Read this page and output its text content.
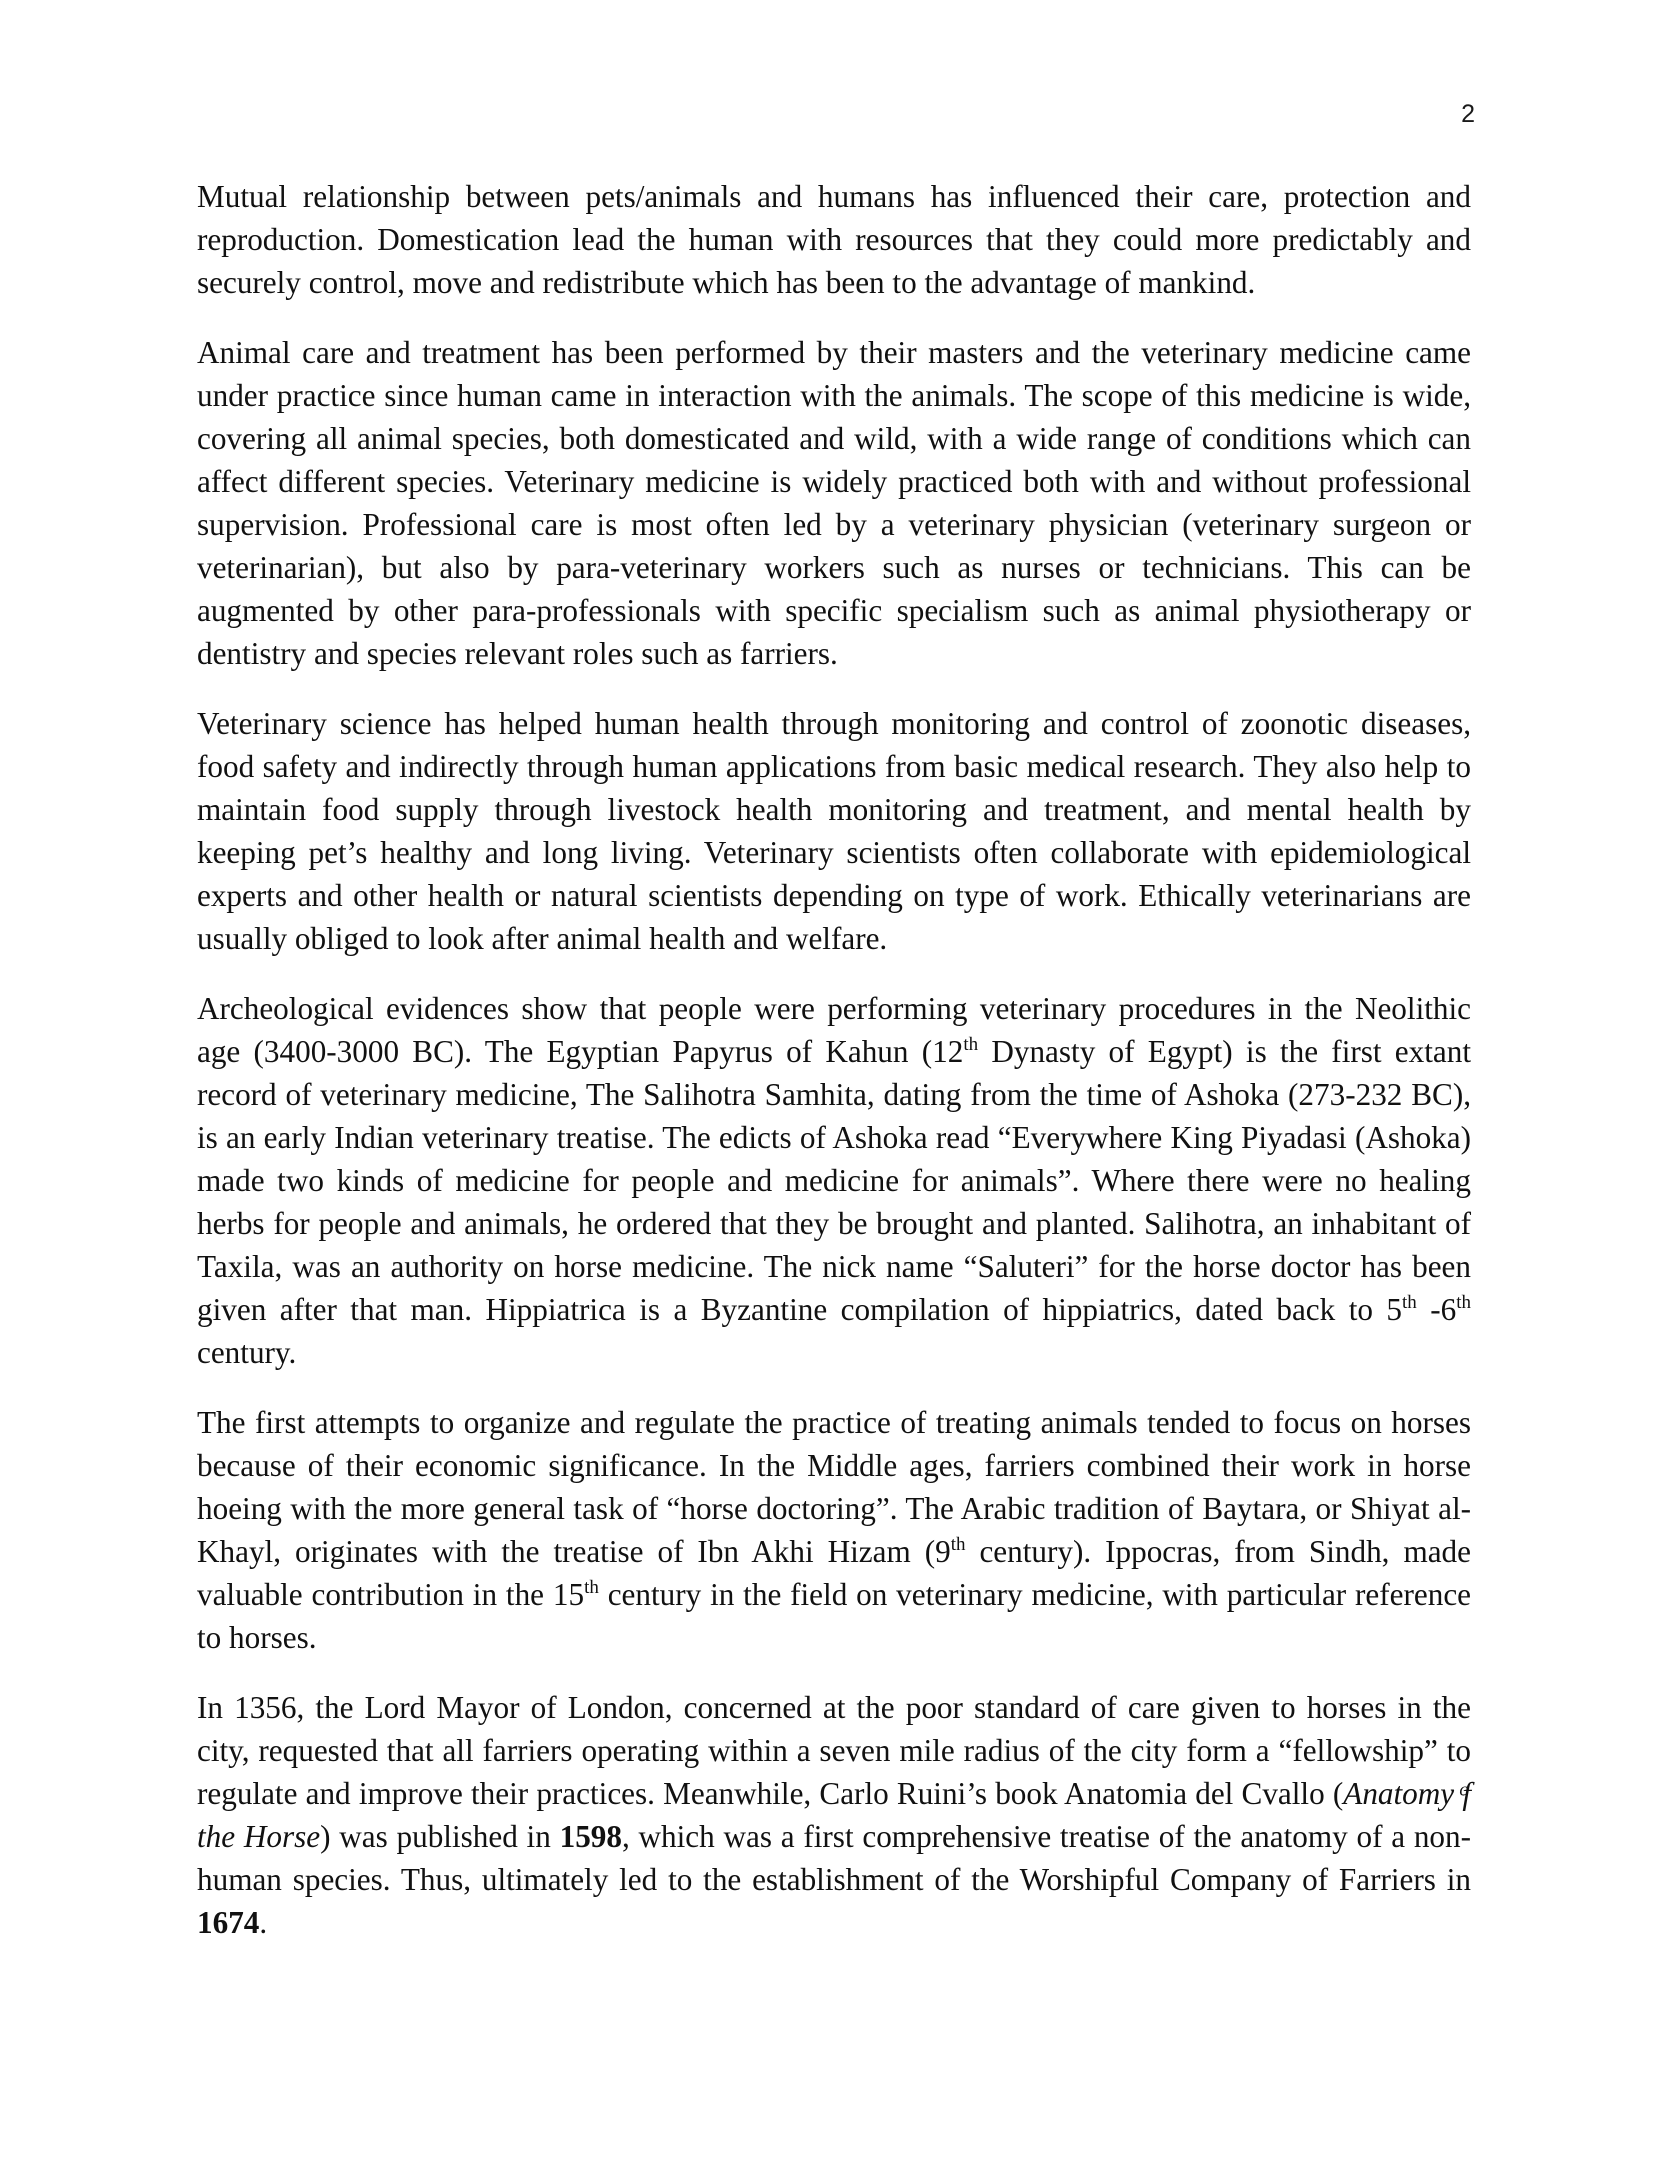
2

Mutual relationship between pets/animals and humans has influenced their care, protection and reproduction. Domestication lead the human with resources that they could more predictably and securely control, move and redistribute which has been to the advantage of mankind.

Animal care and treatment has been performed by their masters and the veterinary medicine came under practice since human came in interaction with the animals. The scope of this medicine is wide, covering all animal species, both domesticated and wild, with a wide range of conditions which can affect different species. Veterinary medicine is widely practiced both with and without professional supervision. Professional care is most often led by a veterinary physician (veterinary surgeon or veterinarian), but also by para-veterinary workers such as nurses or technicians. This can be augmented by other para-professionals with specific specialism such as animal physiotherapy or dentistry and species relevant roles such as farriers.

Veterinary science has helped human health through monitoring and control of zoonotic diseases, food safety and indirectly through human applications from basic medical research. They also help to maintain food supply through livestock health monitoring and treatment, and mental health by keeping pet’s healthy and long living. Veterinary scientists often collaborate with epidemiological experts and other health or natural scientists depending on type of work. Ethically veterinarians are usually obliged to look after animal health and welfare.

Archeological evidences show that people were performing veterinary procedures in the Neolithic age (3400-3000 BC). The Egyptian Papyrus of Kahun (12th Dynasty of Egypt) is the first extant record of veterinary medicine, The Salihotra Samhita, dating from the time of Ashoka (273-232 BC), is an early Indian veterinary treatise. The edicts of Ashoka read “Everywhere King Piyadasi (Ashoka) made two kinds of medicine for people and medicine for animals”. Where there were no healing herbs for people and animals, he ordered that they be brought and planted. Salihotra, an inhabitant of Taxila, was an authority on horse medicine. The nick name “Saluteri” for the horse doctor has been given after that man. Hippiatrica is a Byzantine compilation of hippiatrics, dated back to 5th -6th century.

The first attempts to organize and regulate the practice of treating animals tended to focus on horses because of their economic significance. In the Middle ages, farriers combined their work in horse hoeing with the more general task of “horse doctoring”. The Arabic tradition of Baytara, or Shiyat al-Khayl, originates with the treatise of Ibn Akhi Hizam (9th century). Ippocras, from Sindh, made valuable contribution in the 15th century in the field on veterinary medicine, with particular reference to horses.

In 1356, the Lord Mayor of London, concerned at the poor standard of care given to horses in the city, requested that all farriers operating within a seven mile radius of the city form a “fellowship” to regulate and improve their practices. Meanwhile, Carlo Ruini’s book Anatomia del Cvallo (Anatomy ͨf the Horse) was published in 1598, which was a first comprehensive treatise of the anatomy of a non-human species. Thus, ultimately led to the establishment of the Worshipful Company of Farriers in 1674.
